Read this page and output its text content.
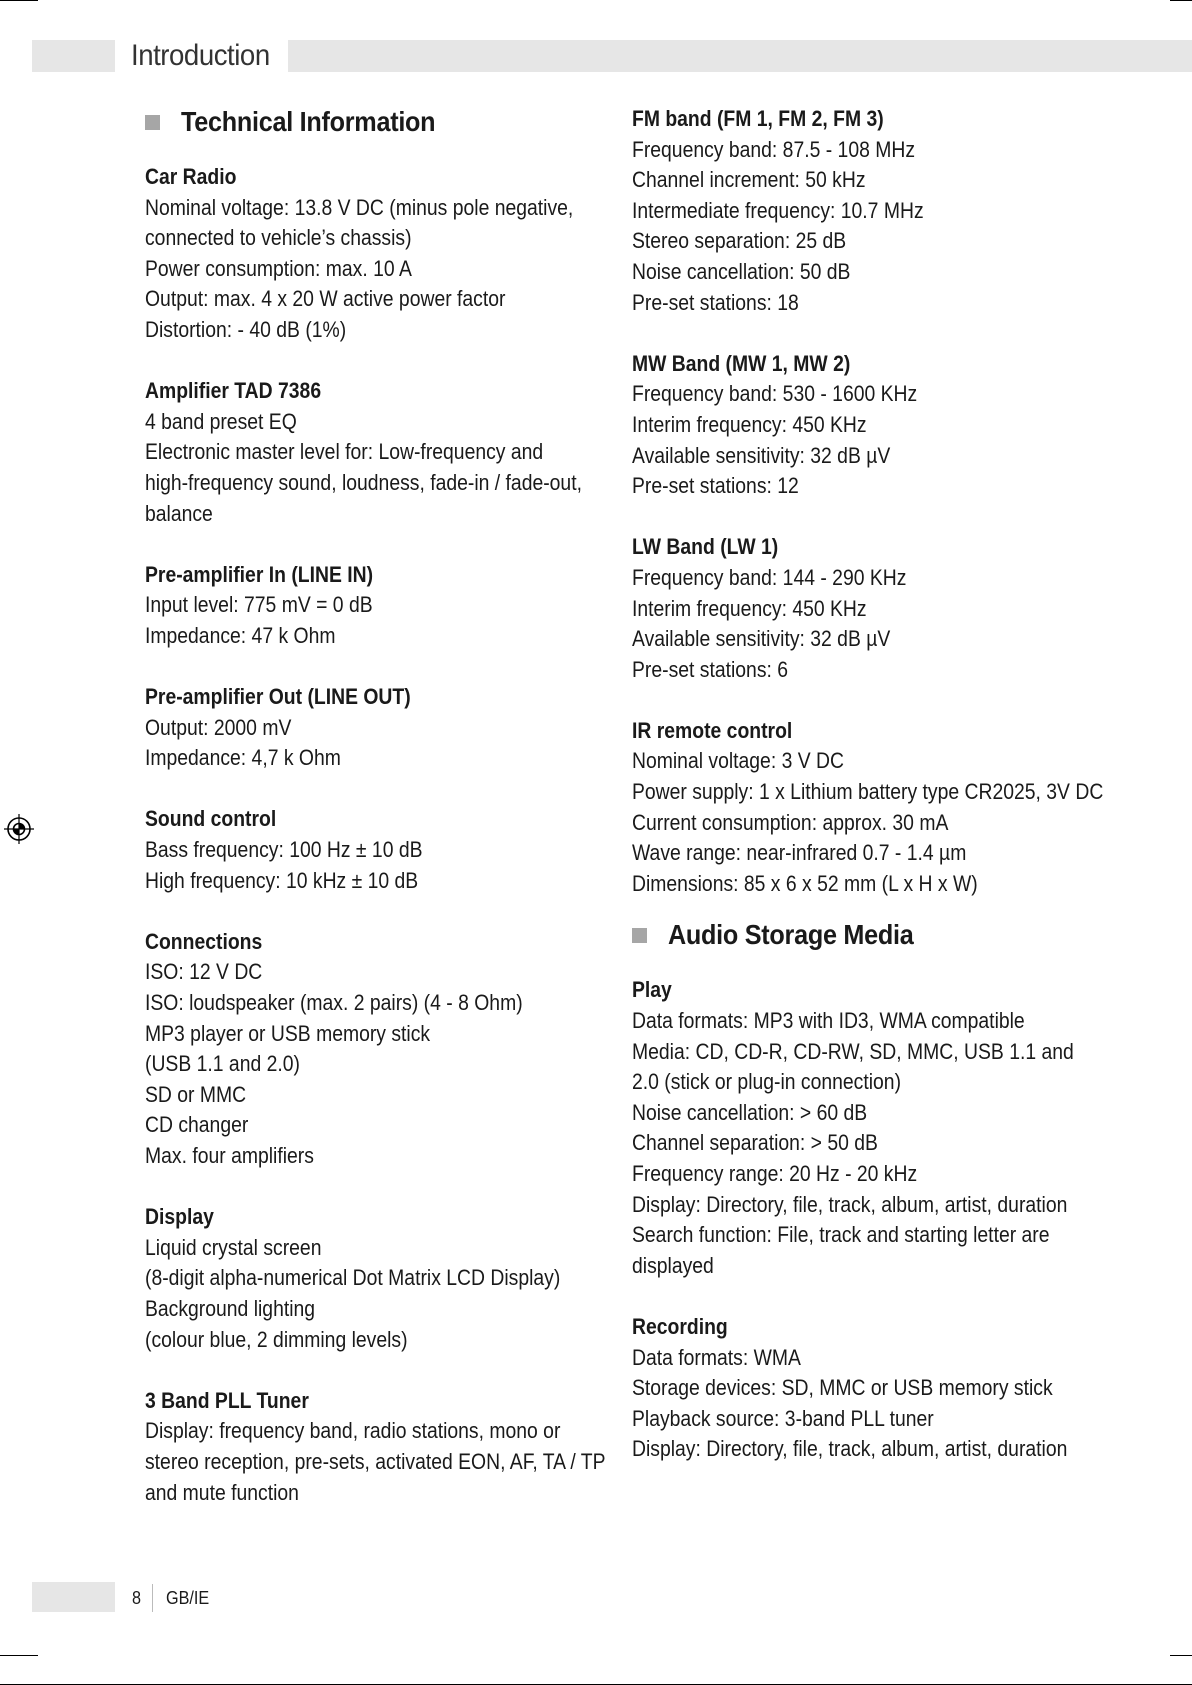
Introduction
Technical Information
Car Radio
Nominal voltage: 13.8 V DC (minus pole negative,
connected to vehicle’s chassis)
Power consumption: max. 10 A
Output: max. 4 x 20 W active power factor
Distortion: - 40 dB (1%)
Amplifier TAD 7386
4 band preset EQ
Electronic master level for: Low-frequency and
high-frequency sound, loudness, fade-in / fade-out,
balance
Pre-amplifier In (LINE IN)
Input level: 775 mV = 0 dB
Impedance: 47 k Ohm
Pre-amplifier Out (LINE OUT)
Output: 2000 mV
Impedance: 4,7 k Ohm
Sound control
Bass frequency: 100 Hz ± 10 dB
High frequency: 10 kHz ± 10 dB
Connections
ISO: 12 V DC
ISO: loudspeaker (max. 2 pairs) (4 - 8 Ohm)
MP3 player or USB memory stick
(USB 1.1 and 2.0)
SD or MMC
CD changer
Max. four amplifiers
Display
Liquid crystal screen
(8-digit alpha-numerical Dot Matrix LCD Display)
Background lighting
(colour blue, 2 dimming levels)
3 Band PLL Tuner
Display: frequency band, radio stations, mono or
stereo reception, pre-sets, activated EON, AF, TA / TP
and mute function
FM band (FM 1, FM 2, FM 3)
Frequency band: 87.5 - 108 MHz
Channel increment: 50 kHz
Intermediate frequency: 10.7 MHz
Stereo separation: 25 dB
Noise cancellation: 50 dB
Pre-set stations: 18
MW Band (MW 1, MW 2)
Frequency band: 530 - 1600 KHz
Interim frequency: 450 KHz
Available sensitivity: 32 dB µV
Pre-set stations: 12
LW Band (LW 1)
Frequency band: 144 - 290 KHz
Interim frequency: 450 KHz
Available sensitivity: 32 dB µV
Pre-set stations: 6
IR remote control
Nominal voltage: 3 V DC
Power supply: 1 x Lithium battery type CR2025, 3V DC
Current consumption: approx. 30 mA
Wave range: near-infrared 0.7 - 1.4 µm
Dimensions: 85 x 6 x 52 mm (L x H x W)
Audio Storage Media
Play
Data formats: MP3 with ID3, WMA compatible
Media: CD, CD-R, CD-RW, SD, MMC, USB 1.1 and
2.0 (stick or plug-in connection)
Noise cancellation: > 60 dB
Channel separation: > 50 dB
Frequency range: 20 Hz - 20 kHz
Display: Directory, file, track, album, artist, duration
Search function: File, track and starting letter are
displayed
Recording
Data formats: WMA
Storage devices: SD, MMC or USB memory stick
Playback source: 3-band PLL tuner
Display: Directory, file, track, album, artist, duration
8 GB/IE
